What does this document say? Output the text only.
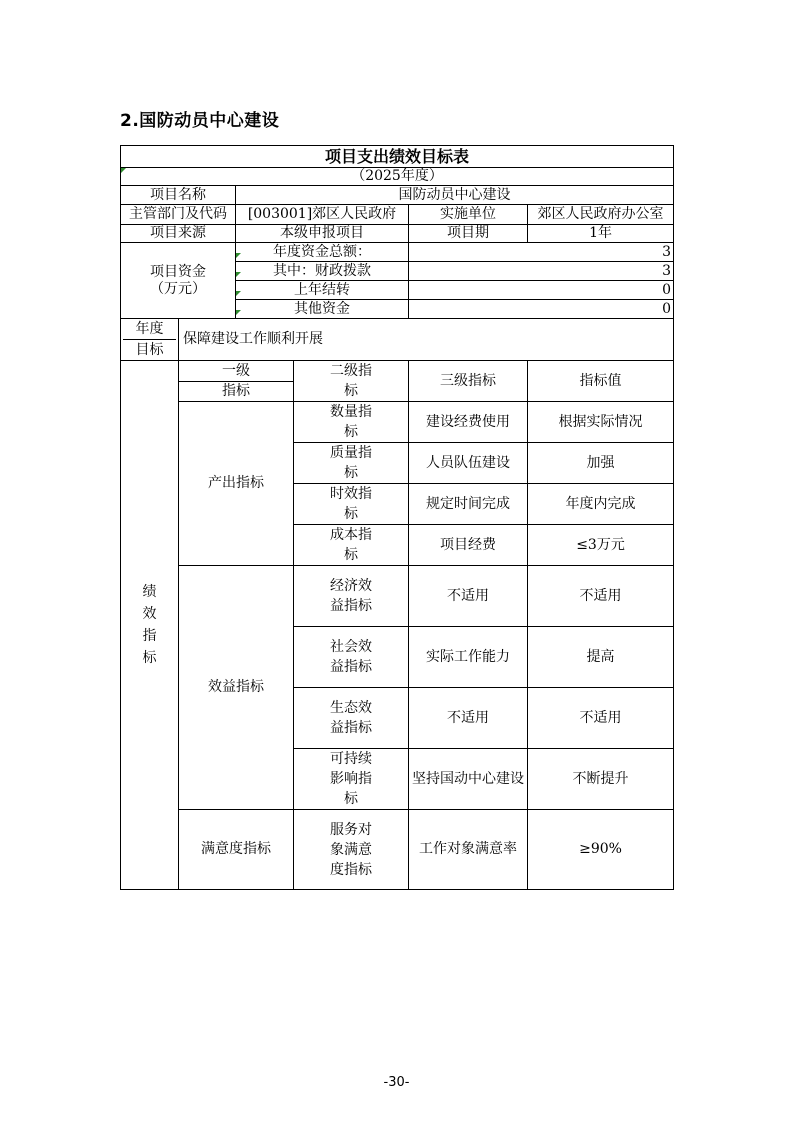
2.国防动员中心建设
项目支出绩效目标表					
（2025年度）					
项目名称		国防动员中心建设			
主管部门及代码		[003001]郊区人民政府		实施单位	郊区人民政府办公室
项目来源		本级申报项目		项目期	1年

项目资金
（万元）		年度资金总额：		3	
		其中：财政拨款		3	
		上年结转		0	
		其他资金		0	

年度
目标	保障建设工作顺利开展				

绩效指标	一级
指标		二级指标	三级指标	指标值
	产出指标		数量指标	建设经费使用	根据实际情况

			质量指标	人员队伍建设	加强

			时效指标	规定时间完成	年度内完成

			成本指标	项目经费	≤3万元
	效益指标		经济效益指标	不适用	不适用

			社会效益指标	实际工作能力	提高

			生态效益指标	不适用	不适用

			可持续影响指标	坚持国动中心建设	不断提升
	满意度指标		服务对象满意度指标	工作对象满意率	≥90%
-30-
